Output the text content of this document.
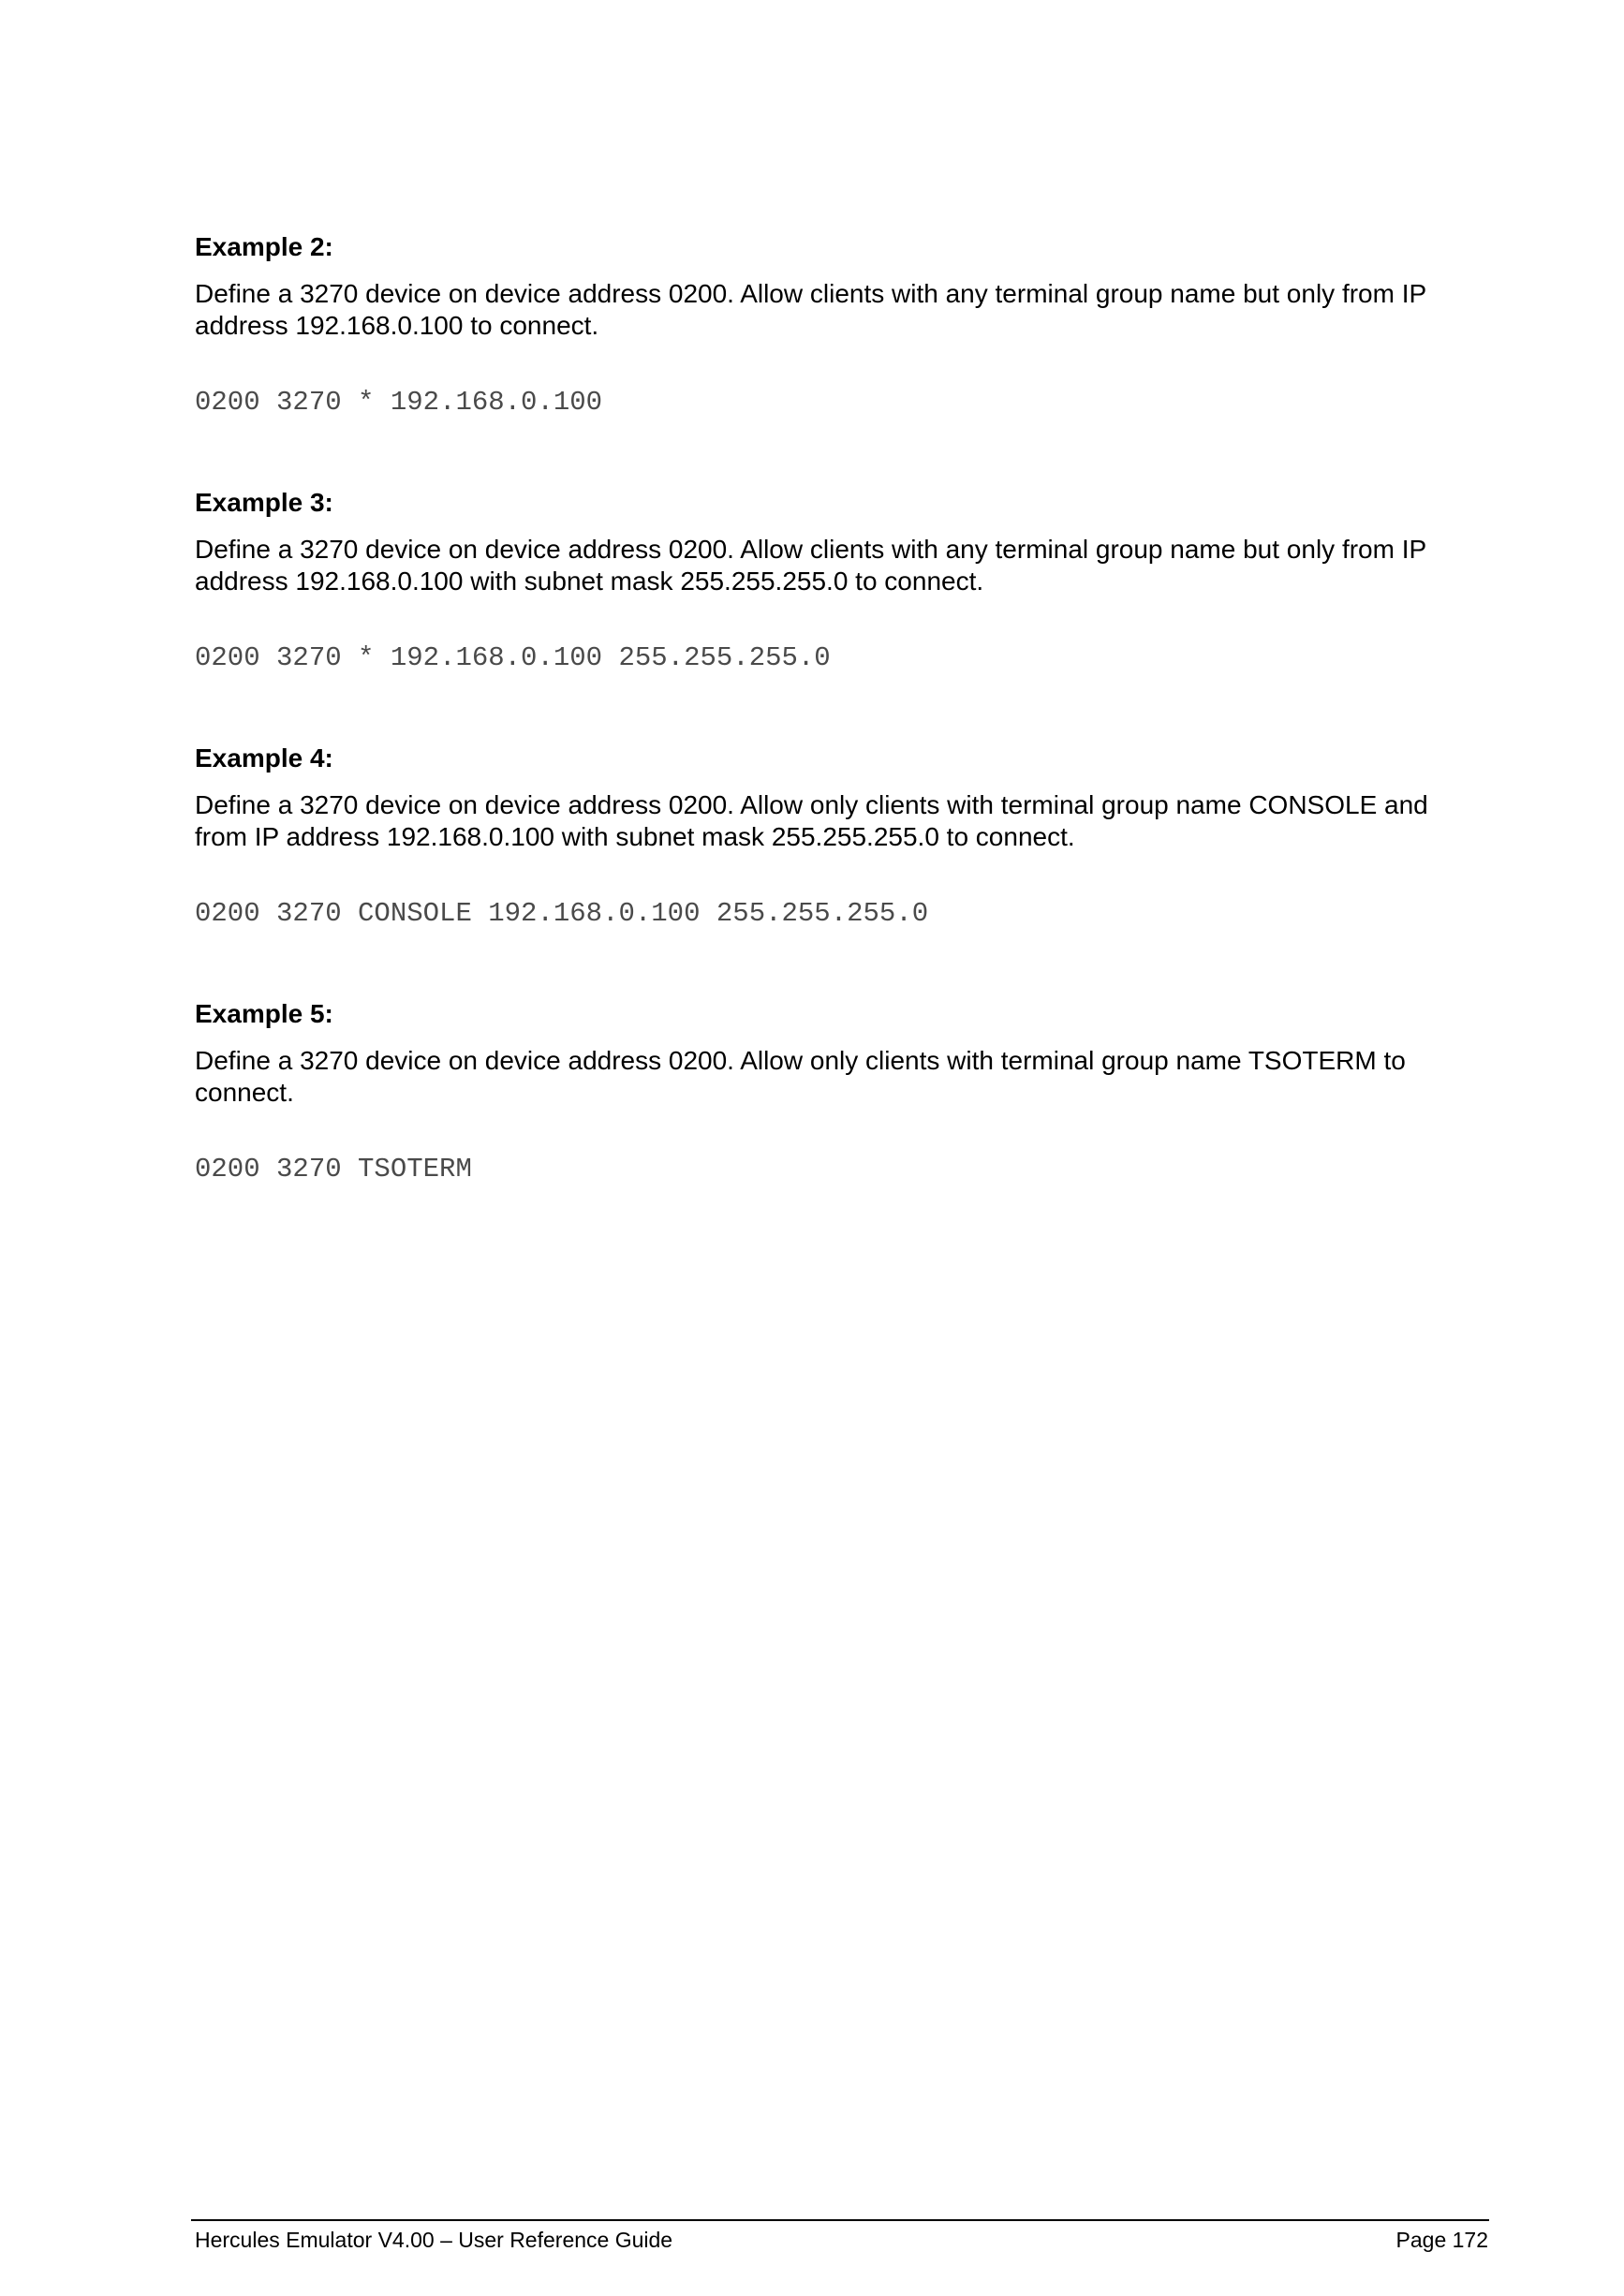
Example 2:
Define a 3270 device on device address 0200. Allow clients with any terminal group name but only from IP address 192.168.0.100 to connect.
0200 3270 * 192.168.0.100
Example 3:
Define a 3270 device on device address 0200. Allow clients with any terminal group name but only from IP address 192.168.0.100 with subnet mask 255.255.255.0 to connect.
0200 3270 * 192.168.0.100 255.255.255.0
Example 4:
Define a 3270 device on device address 0200. Allow only clients with terminal group name CONSOLE and from IP address 192.168.0.100 with subnet mask 255.255.255.0 to connect.
0200 3270 CONSOLE 192.168.0.100 255.255.255.0
Example 5:
Define a 3270 device on device address 0200. Allow only clients with terminal group name TSOTERM to connect.
0200 3270 TSOTERM
Hercules Emulator V4.00 – User Reference Guide	Page 172
